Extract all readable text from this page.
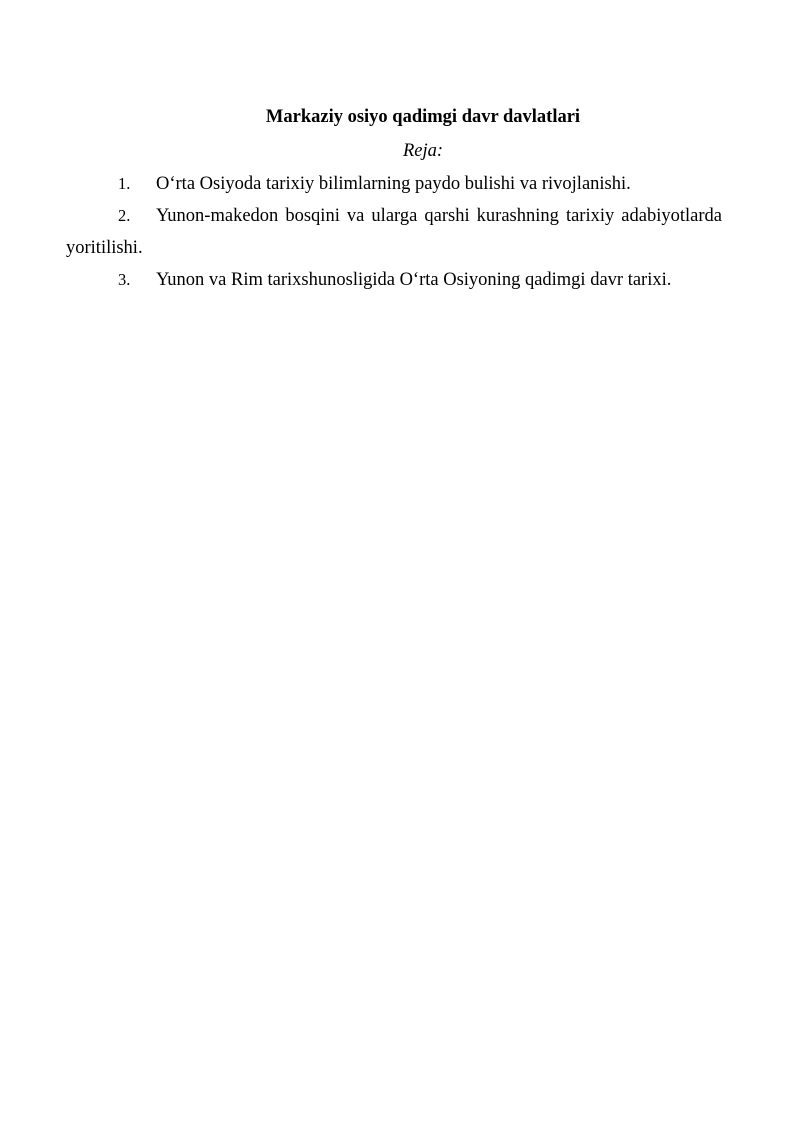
Markaziy osiyo qadimgi davr davlatlari
Reja:
1. O‘rta Osiyoda tarixiy bilimlarning paydo bulishi va rivojlanishi.
2. Yunon-makedon bosqini va ularga qarshi kurashning tarixiy adabiyotlarda
yoritilishi.
3. Yunon va Rim tarixshunosligida O‘rta Osiyoning qadimgi davr tarixi.
